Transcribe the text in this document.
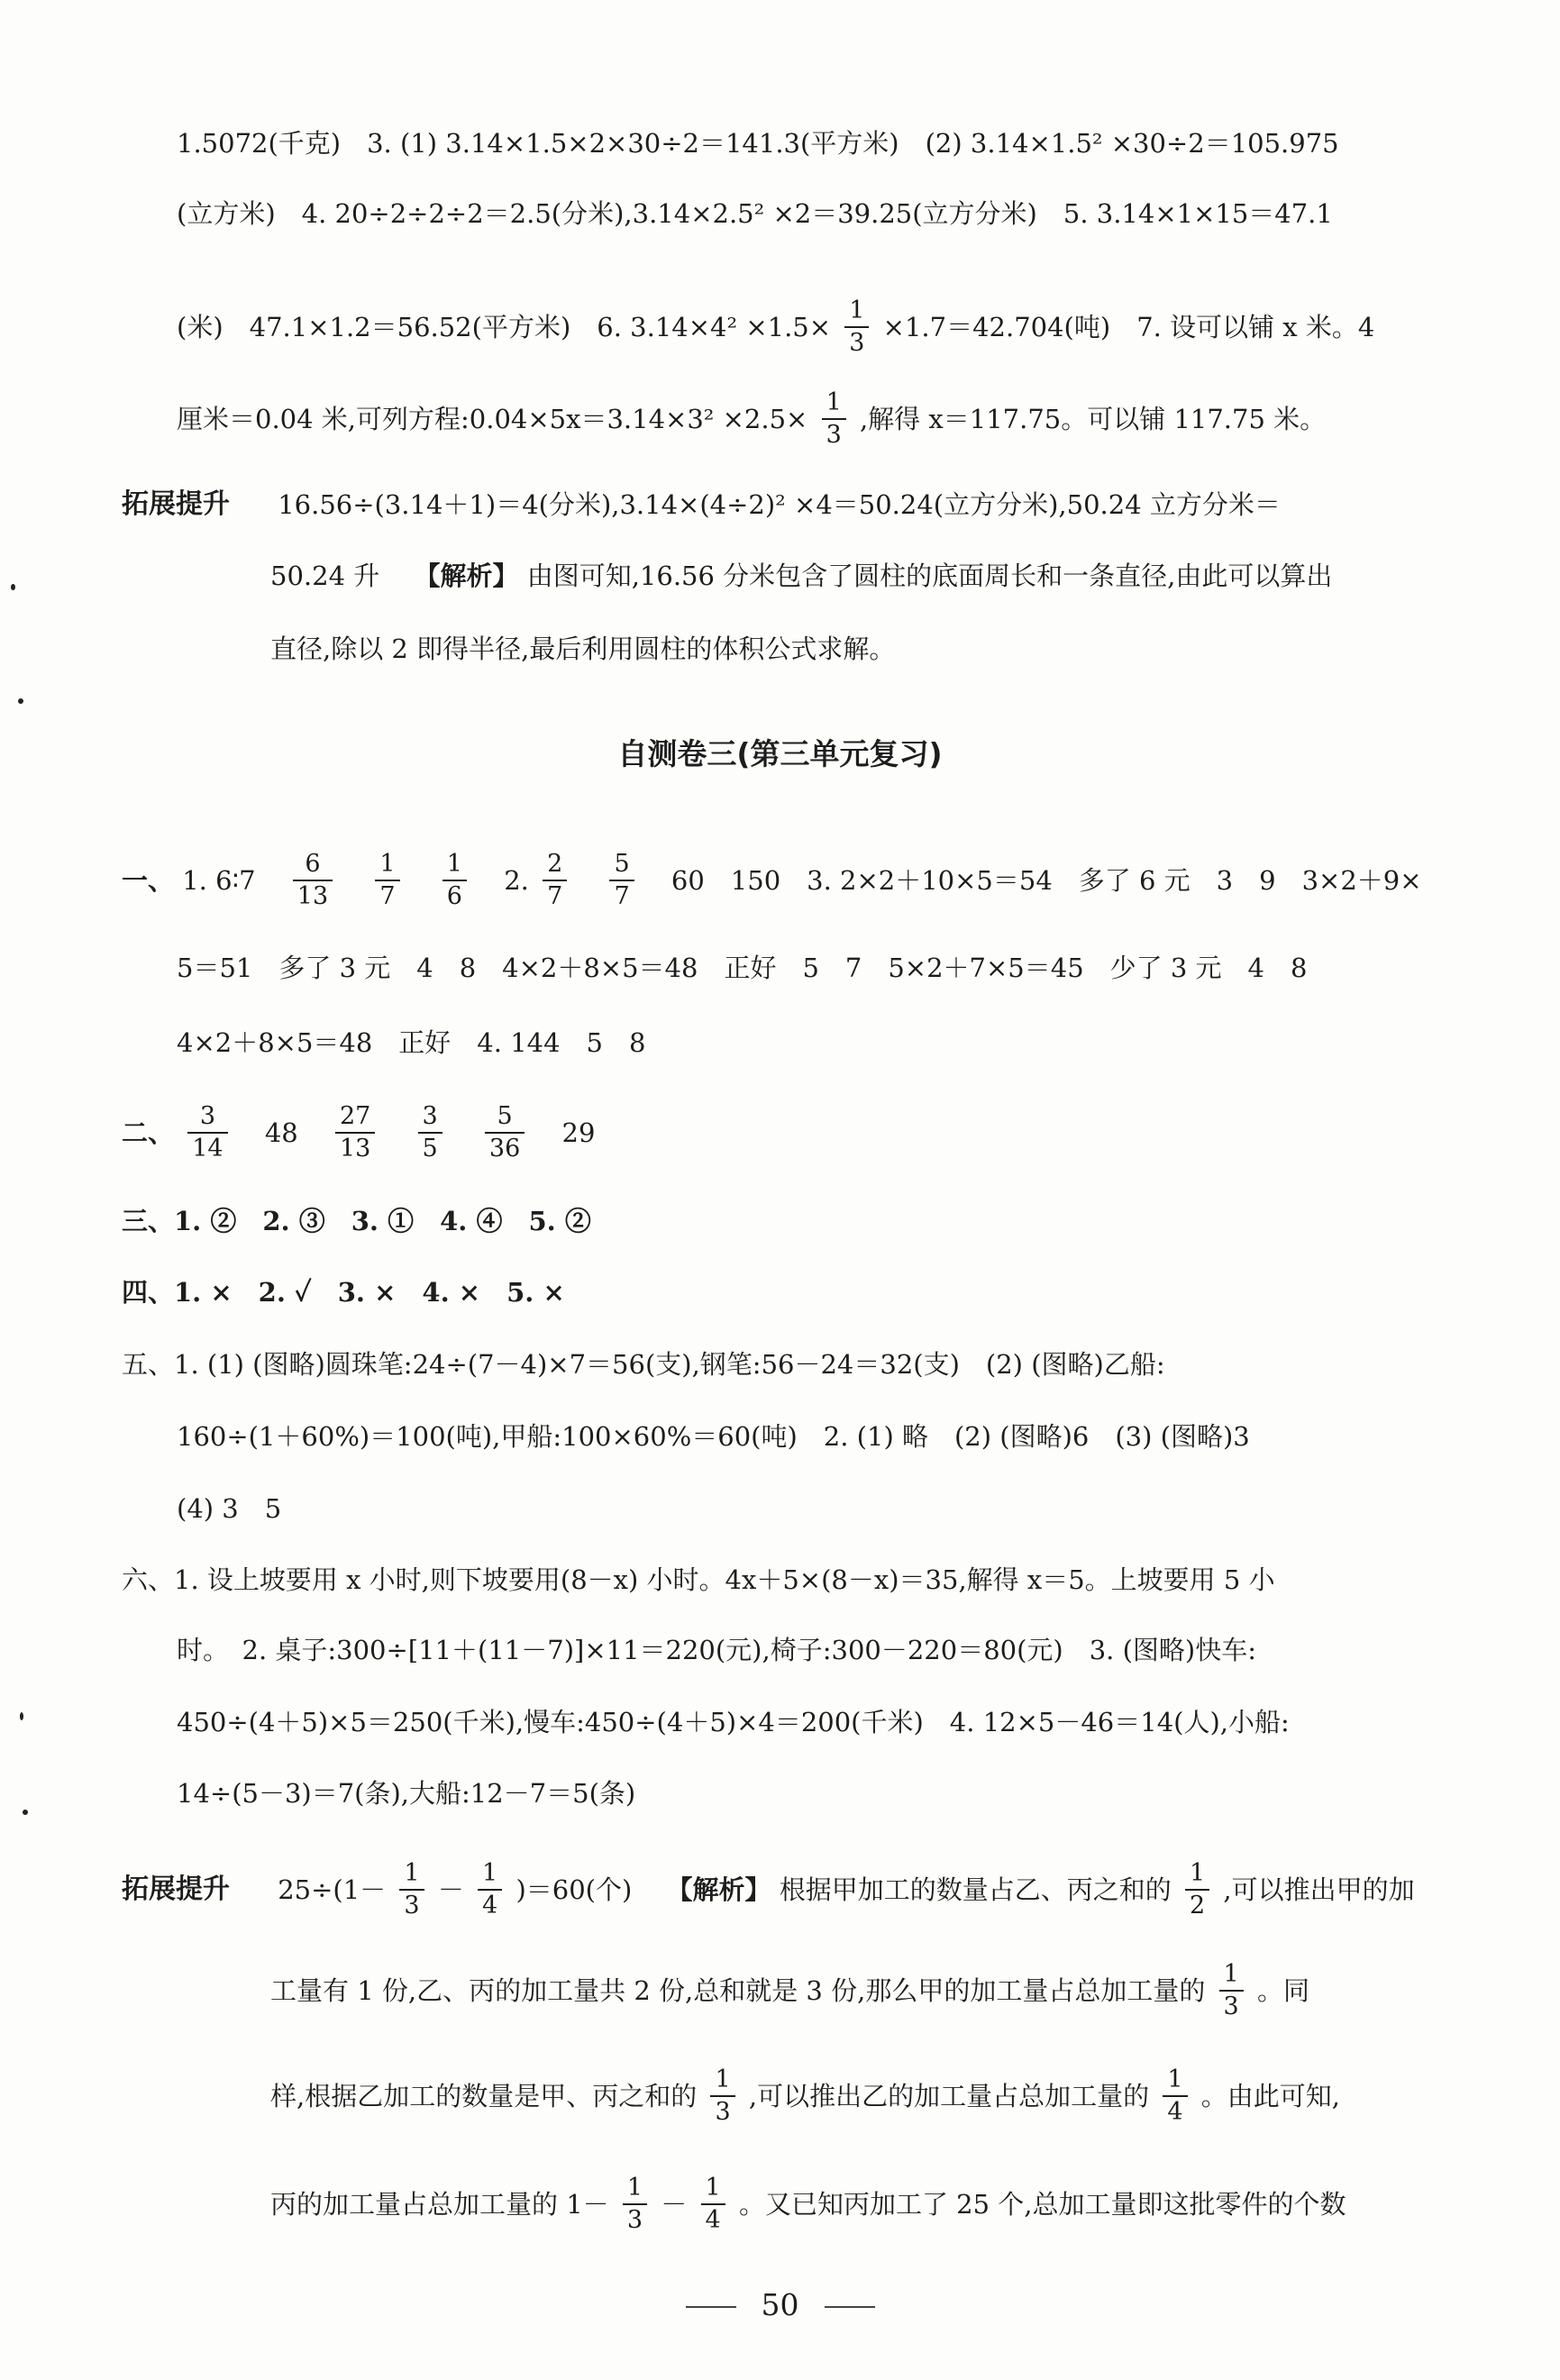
1.5072(千克)　3. (1) 3.14×1.5×2×30÷2＝141.3(平方米)　(2) 3.14×1.5² ×30÷2＝105.975
(立方米)　4. 20÷2÷2÷2＝2.5(分米),3.14×2.5² ×2＝39.25(立方分米)　5. 3.14×1×15＝47.1
(米)　47.1×1.2＝56.52(平方米)　6. $3.14\times 4^2 \times 1.5\times \frac{1}{3} \times 1.7=42.704$(吨)　7. 设可以铺 x 米。4
厘米＝0.04 米,可列方程:0.04×5x＝3.14×3² $\times 2.5\times \frac{1}{3}$ ,解得 x＝117.75。可以铺 117.75 米。
拓展提升 16.56÷(3.14＋1)＝4(分米),3.14×(4÷2)² ×4＝50.24(立方分米),50.24 立方分米＝
50.24 升　 【解析】 由图可知,16.56 分米包含了圆柱的底面周长和一条直径,由此可以算出
直径,除以 2 即得半径,最后利用圆柱的体积公式求解。
自测卷三(第三单元复习)
一、 1. 6∶7 $\frac{6}{13}$
$\frac{1}{7}$
$\frac{1}{6} 2$. $\frac{2}{7}$
$\frac{5}{7} 60$　150　3. 2×2＋10×5＝54　多了 6 元　3　9　3×2＋9×
5＝51　多了 3 元　4　8　4×2＋8×5＝48　正好　5　7　5×2＋7×5＝45　少了 3 元　4　8
4×2＋8×5＝48　正好　4. 144　5　8
二、 $\frac{3}{14} 48 \frac{27}{13}$
$\frac{3}{5}$
$\frac{5}{36} 29$
三、1. ②　2. ③　3. ①　4. ④　5. ②
四、1. ×　2. ✓　3. ×　4. ×　5. ×
五、1. (1) (图略)圆珠笔:24÷(7－4)×7＝56(支),钢笔:56－24＝32(支)　(2) (图略)乙船:
160÷(1＋60%)＝100(吨),甲船:100×60%＝60(吨)　2. (1) 略　(2) (图略)6　(3) (图略)3
(4) 3　5
六、1. 设上坡要用 x 小时,则下坡要用(8－x) 小时。4x＋5×(8－x)＝35,解得 x＝5。上坡要用 5 小
时。　2. 桌子:300÷[11＋(11－7)]×11＝220(元),椅子:300－220＝80(元)　3. (图略)快车:
450÷(4＋5)×5＝250(千米),慢车:450÷(4＋5)×4＝200(千米)　4. 12×5－46＝14(人),小船:
14÷(5－3)＝7(条),大船:12－7＝5(条)
拓展提升 $25\div(1- \frac{1}{3} - \frac{1}{4} )=60$(个)　 【解析】 根据甲加工的数量占乙、丙之和的 $\frac{1}{2}$ ,可以推出甲的加
工量有 1 份,乙、丙的加工量共 2 份,总和就是 3 份,那么甲的加工量占总加工量的 $\frac{1}{3}$ 。同
样,根据乙加工的数量是甲、丙之和的 $\frac{1}{3}$ ,可以推出乙的加工量占总加工量的 $\frac{1}{4}$ 。由此可知,
丙的加工量占总加工量的 $1- \frac{1}{3} - \frac{1}{4}$ 。又已知丙加工了 25 个,总加工量即这批零件的个数
50
